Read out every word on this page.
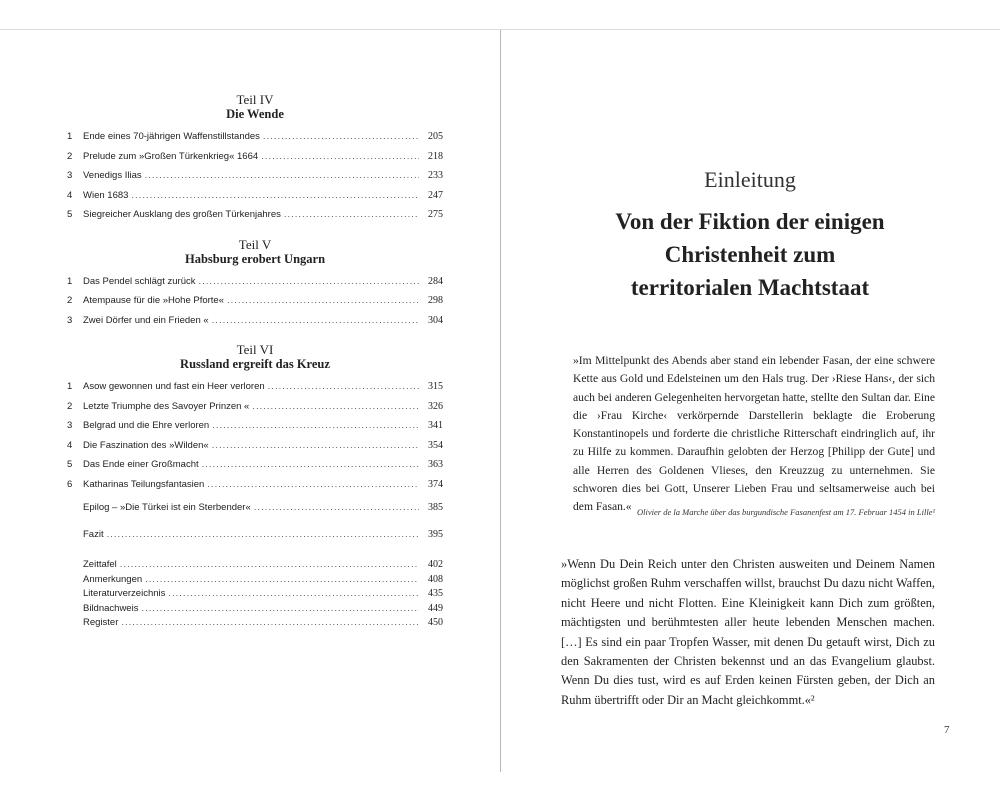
Teil IV
Die Wende
1	Ende eines 70-jährigen Waffenstillstandes .....	205
2	Prelude zum »Großen Türkenkrieg« 1664 .....	218
3	Venedigs Ilias .....	233
4	Wien 1683 .....	247
5	Siegreicher Ausklang des großen Türkenjahres .....	275
Teil V
Habsburg erobert Ungarn
1	Das Pendel schlägt zurück .....	284
2	Atempause für die »Hohe Pforte« .....	298
3	Zwei Dörfer und ein Frieden « .....	304
Teil VI
Russland ergreift das Kreuz
1	Asow gewonnen und fast ein Heer verloren .....	315
2	Letzte Triumphe des Savoyer Prinzen « .....	326
3	Belgrad und die Ehre verloren .....	341
4	Die Faszination des »Wilden« .....	354
5	Das Ende einer Großmacht .....	363
6	Katharinas Teilungsfantasien .....	374
Epilog – »Die Türkei ist ein Sterbender« .....	385
Fazit .....	395
Zeittafel .....	402
Anmerkungen .....	408
Literaturverzeichnis .....	435
Bildnachweis .....	449
Register .....	450
Einleitung
Von der Fiktion der einigen
Christenheit zum
territorialen Machtstaat
»Im Mittelpunkt des Abends aber stand ein lebender Fasan, der eine schwere Kette aus Gold und Edelsteinen um den Hals trug. Der ›Riese Hans‹, der sich auch bei anderen Gelegenheiten hervorgetan hatte, stellte den Sultan dar. Eine die ›Frau Kirche‹ verkörpernde Darstellerin beklagte die Eroberung Konstantinopels und forderte die christliche Ritterschaft eindringlich auf, ihr zu Hilfe zu kommen. Daraufhin gelobten der Herzog [Philipp der Gute] und alle Herren des Goldenen Vlieses, den Kreuzzug zu unternehmen. Sie schworen dies bei Gott, Unserer Lieben Frau und seltsamerweise auch bei dem Fasan.« Olivier de la Marche über das burgundische Fasanenfest am 17. Februar 1454 in Lille¹
»Wenn Du Dein Reich unter den Christen ausweiten und Deinem Namen möglichst großen Ruhm verschaffen willst, brauchst Du dazu nicht Waffen, nicht Heere und nicht Flotten. Eine Kleinigkeit kann Dich zum größten, mächtigsten und berühmtesten aller heute lebenden Menschen machen. […] Es sind ein paar Tropfen Wasser, mit denen Du getauft wirst, Dich zu den Sakramenten der Christen bekennst und an das Evangelium glaubst. Wenn Du dies tust, wird es auf Erden keinen Fürsten geben, der Dich an Ruhm übertrifft oder Dir an Macht gleichkommt.«²
7
